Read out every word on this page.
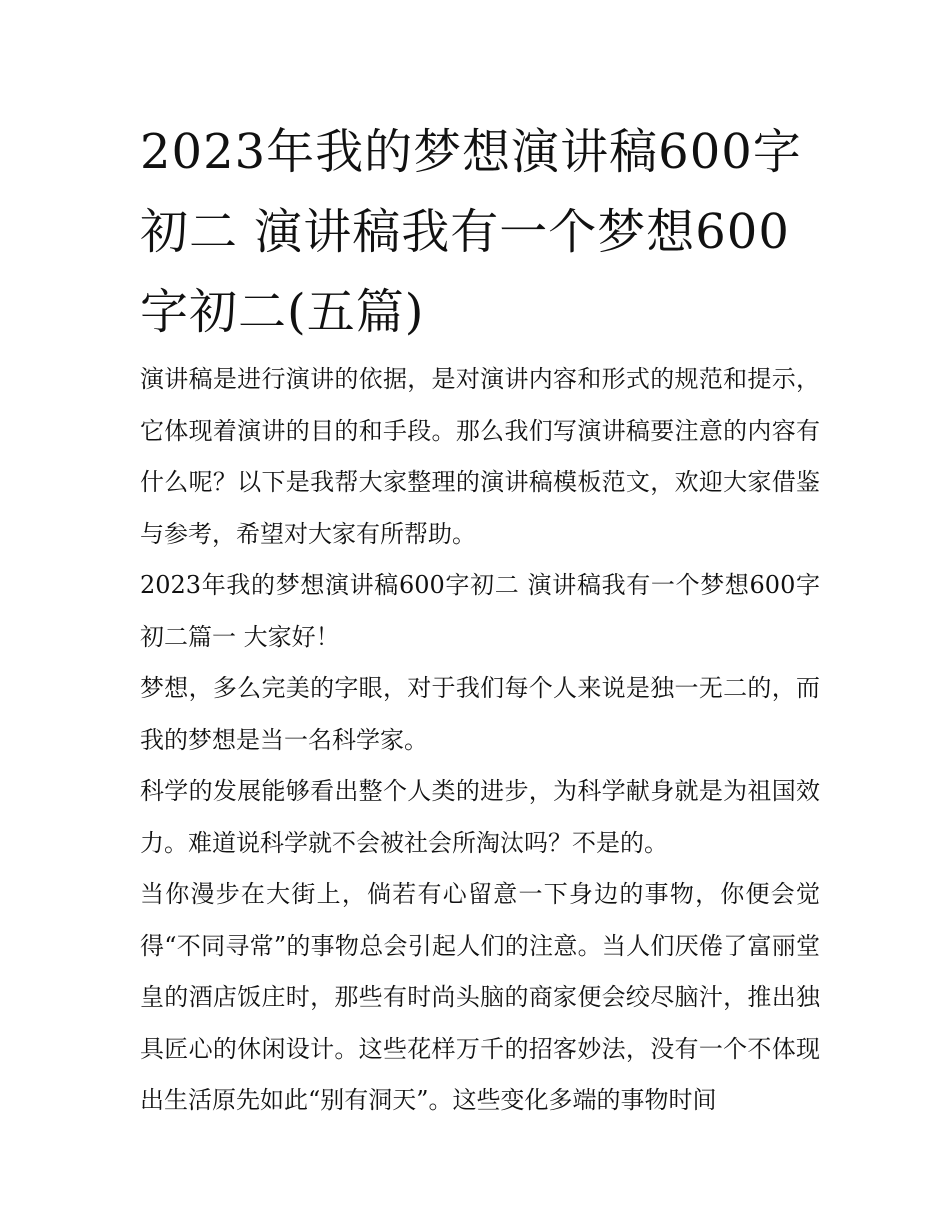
2023年我的梦想演讲稿600字初二 演讲稿我有一个梦想600字初二(五篇)

演讲稿是进行演讲的依据，是对演讲内容和形式的规范和提示，它体现着演讲的目的和手段。那么我们写演讲稿要注意的内容有什么呢？以下是我帮大家整理的演讲稿模板范文，欢迎大家借鉴与参考，希望对大家有所帮助。

2023年我的梦想演讲稿600字初二 演讲稿我有一个梦想600字初二篇一 大家好！

梦想，多么完美的字眼，对于我们每个人来说是独一无二的，而我的梦想是当一名科学家。

科学的发展能够看出整个人类的进步，为科学献身就是为祖国效力。难道说科学就不会被社会所淘汰吗？不是的。

当你漫步在大街上，倘若有心留意一下身边的事物，你便会觉得“不同寻常”的事物总会引起人们的注意。当人们厌倦了富丽堂皇的酒店饭庄时，那些有时尚头脑的商家便会绞尽脑汁，推出独具匠心的休闲设计。这些花样万千的招客妙法，没有一个不体现出生活原先如此“别有洞天”。这些变化多端的事物时间
